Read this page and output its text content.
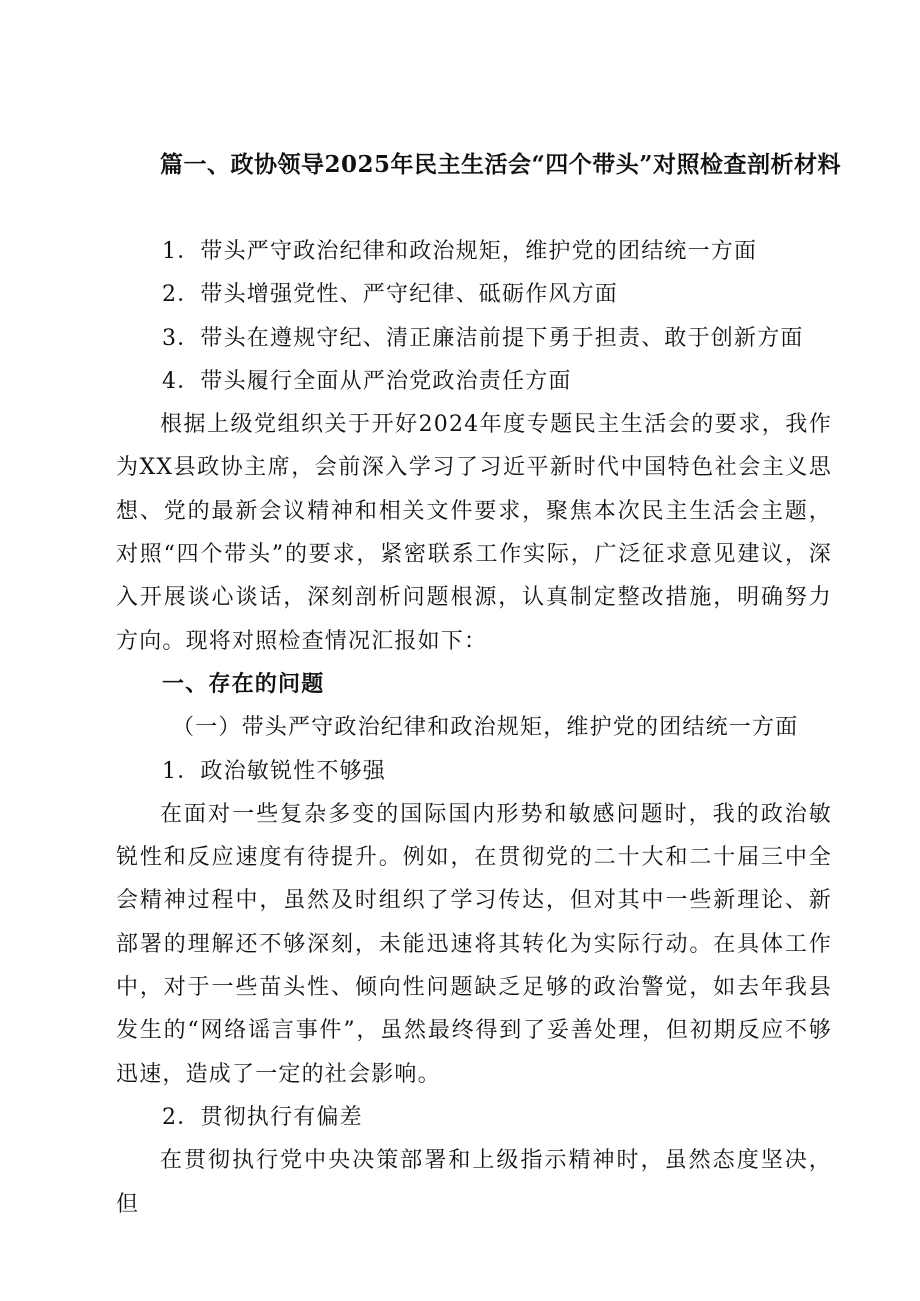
篇一、政协领导2025年民主生活会“四个带头”对照检查剖析材料

1．带头严守政治纪律和政治规矩，维护党的团结统一方面

2．带头增强党性、严守纪律、砥砺作风方面

3．带头在遵规守纪、清正廉洁前提下勇于担责、敢于创新方面

4．带头履行全面从严治党政治责任方面

根据上级党组织关于开好2024年度专题民主生活会的要求，我作为XX县政协主席，会前深入学习了习近平新时代中国特色社会主义思想、党的最新会议精神和相关文件要求，聚焦本次民主生活会主题，对照“四个带头”的要求，紧密联系工作实际，广泛征求意见建议，深入开展谈心谈话，深刻剖析问题根源，认真制定整改措施，明确努力方向。现将对照检查情况汇报如下：

一、存在的问题

（一）带头严守政治纪律和政治规矩，维护党的团结统一方面

1．政治敏锐性不够强

在面对一些复杂多变的国际国内形势和敏感问题时，我的政治敏锐性和反应速度有待提升。例如，在贯彻党的二十大和二十届三中全会精神过程中，虽然及时组织了学习传达，但对其中一些新理论、新部署的理解还不够深刻，未能迅速将其转化为实际行动。在具体工作中，对于一些苗头性、倾向性问题缺乏足够的政治警觉，如去年我县发生的“网络谣言事件”，虽然最终得到了妥善处理，但初期反应不够迅速，造成了一定的社会影响。

2．贯彻执行有偏差

在贯彻执行党中央决策部署和上级指示精神时，虽然态度坚决，但
